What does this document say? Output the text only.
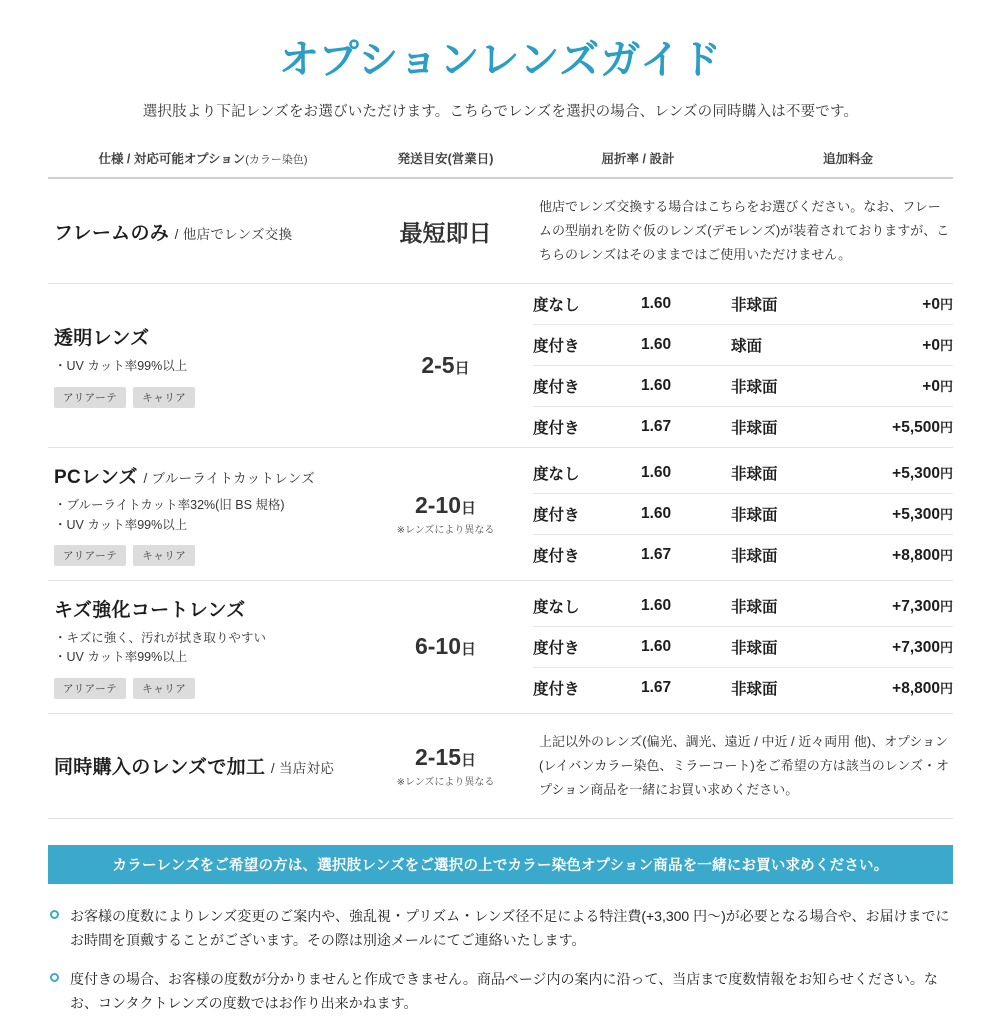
オプションレンズガイド
選択肢より下記レンズをお選びいただけます。こちらでレンズを選択の場合、レンズの同時購入は不要です。
仕様 / 対応可能オプション(カラー染色)	発送目安(営業日)	屈折率 / 設計	追加料金

フレームのみ / 他店でレンズ交換	最短即日	他店でレンズ交換する場合はこちらをお選びください。なお、フレームの型崩れを防ぐ仮のレンズ(デモレンズ)が装着されておりますが、こちらのレンズはそのままではご使用いただけません。

透明レンズ
・UV カット率99%以上
アリアーテ	キャリア
	2-5日	
度なし	1.60	非球面	+0円
度付き	1.60	球面	+0円
度付き	1.60	非球面	+0円
度付き	1.67	非球面	+5,500円

PCレンズ / ブルーライトカットレンズ
・ブルーライトカット率32%(旧 BS 規格)
・UV カット率99%以上
アリアーテ	キャリア
	2-10日
※レンズにより異なる

度なし	1.60	非球面	+5,300円
度付き	1.60	非球面	+5,300円
度付き	1.67	非球面	+8,800円

キズ強化コートレンズ
・キズに強く、汚れが拭き取りやすい
・UV カット率99%以上
アリアーテ	キャリア
	6-10日	
度なし	1.60	非球面	+7,300円
度付き	1.60	非球面	+7,300円
度付き	1.67	非球面	+8,800円

同時購入のレンズで加工 / 当店対応	2-15日
※レンズにより異なる
	上記以外のレンズ(偏光、調光、遠近 / 中近 / 近々両用 他)、オプション(レイバンカラー染色、ミラーコート)をご希望の方は該当のレンズ・オプション商品を一緒にお買い求めください。
カラーレンズをご希望の方は、選択肢レンズをご選択の上でカラー染色オプション商品を一緒にお買い求めください。
お客様の度数によりレンズ変更のご案内や、強乱視・プリズム・レンズ径不足による特注費(+3,300 円〜)が必要となる場合や、お届けまでにお時間を頂戴することがございます。その際は別途メールにてご連絡いたします。
度付きの場合、お客様の度数が分かりませんと作成できません。商品ページ内の案内に沿って、当店まで度数情報をお知らせください。なお、コンタクトレンズの度数ではお作り出来かねます。
